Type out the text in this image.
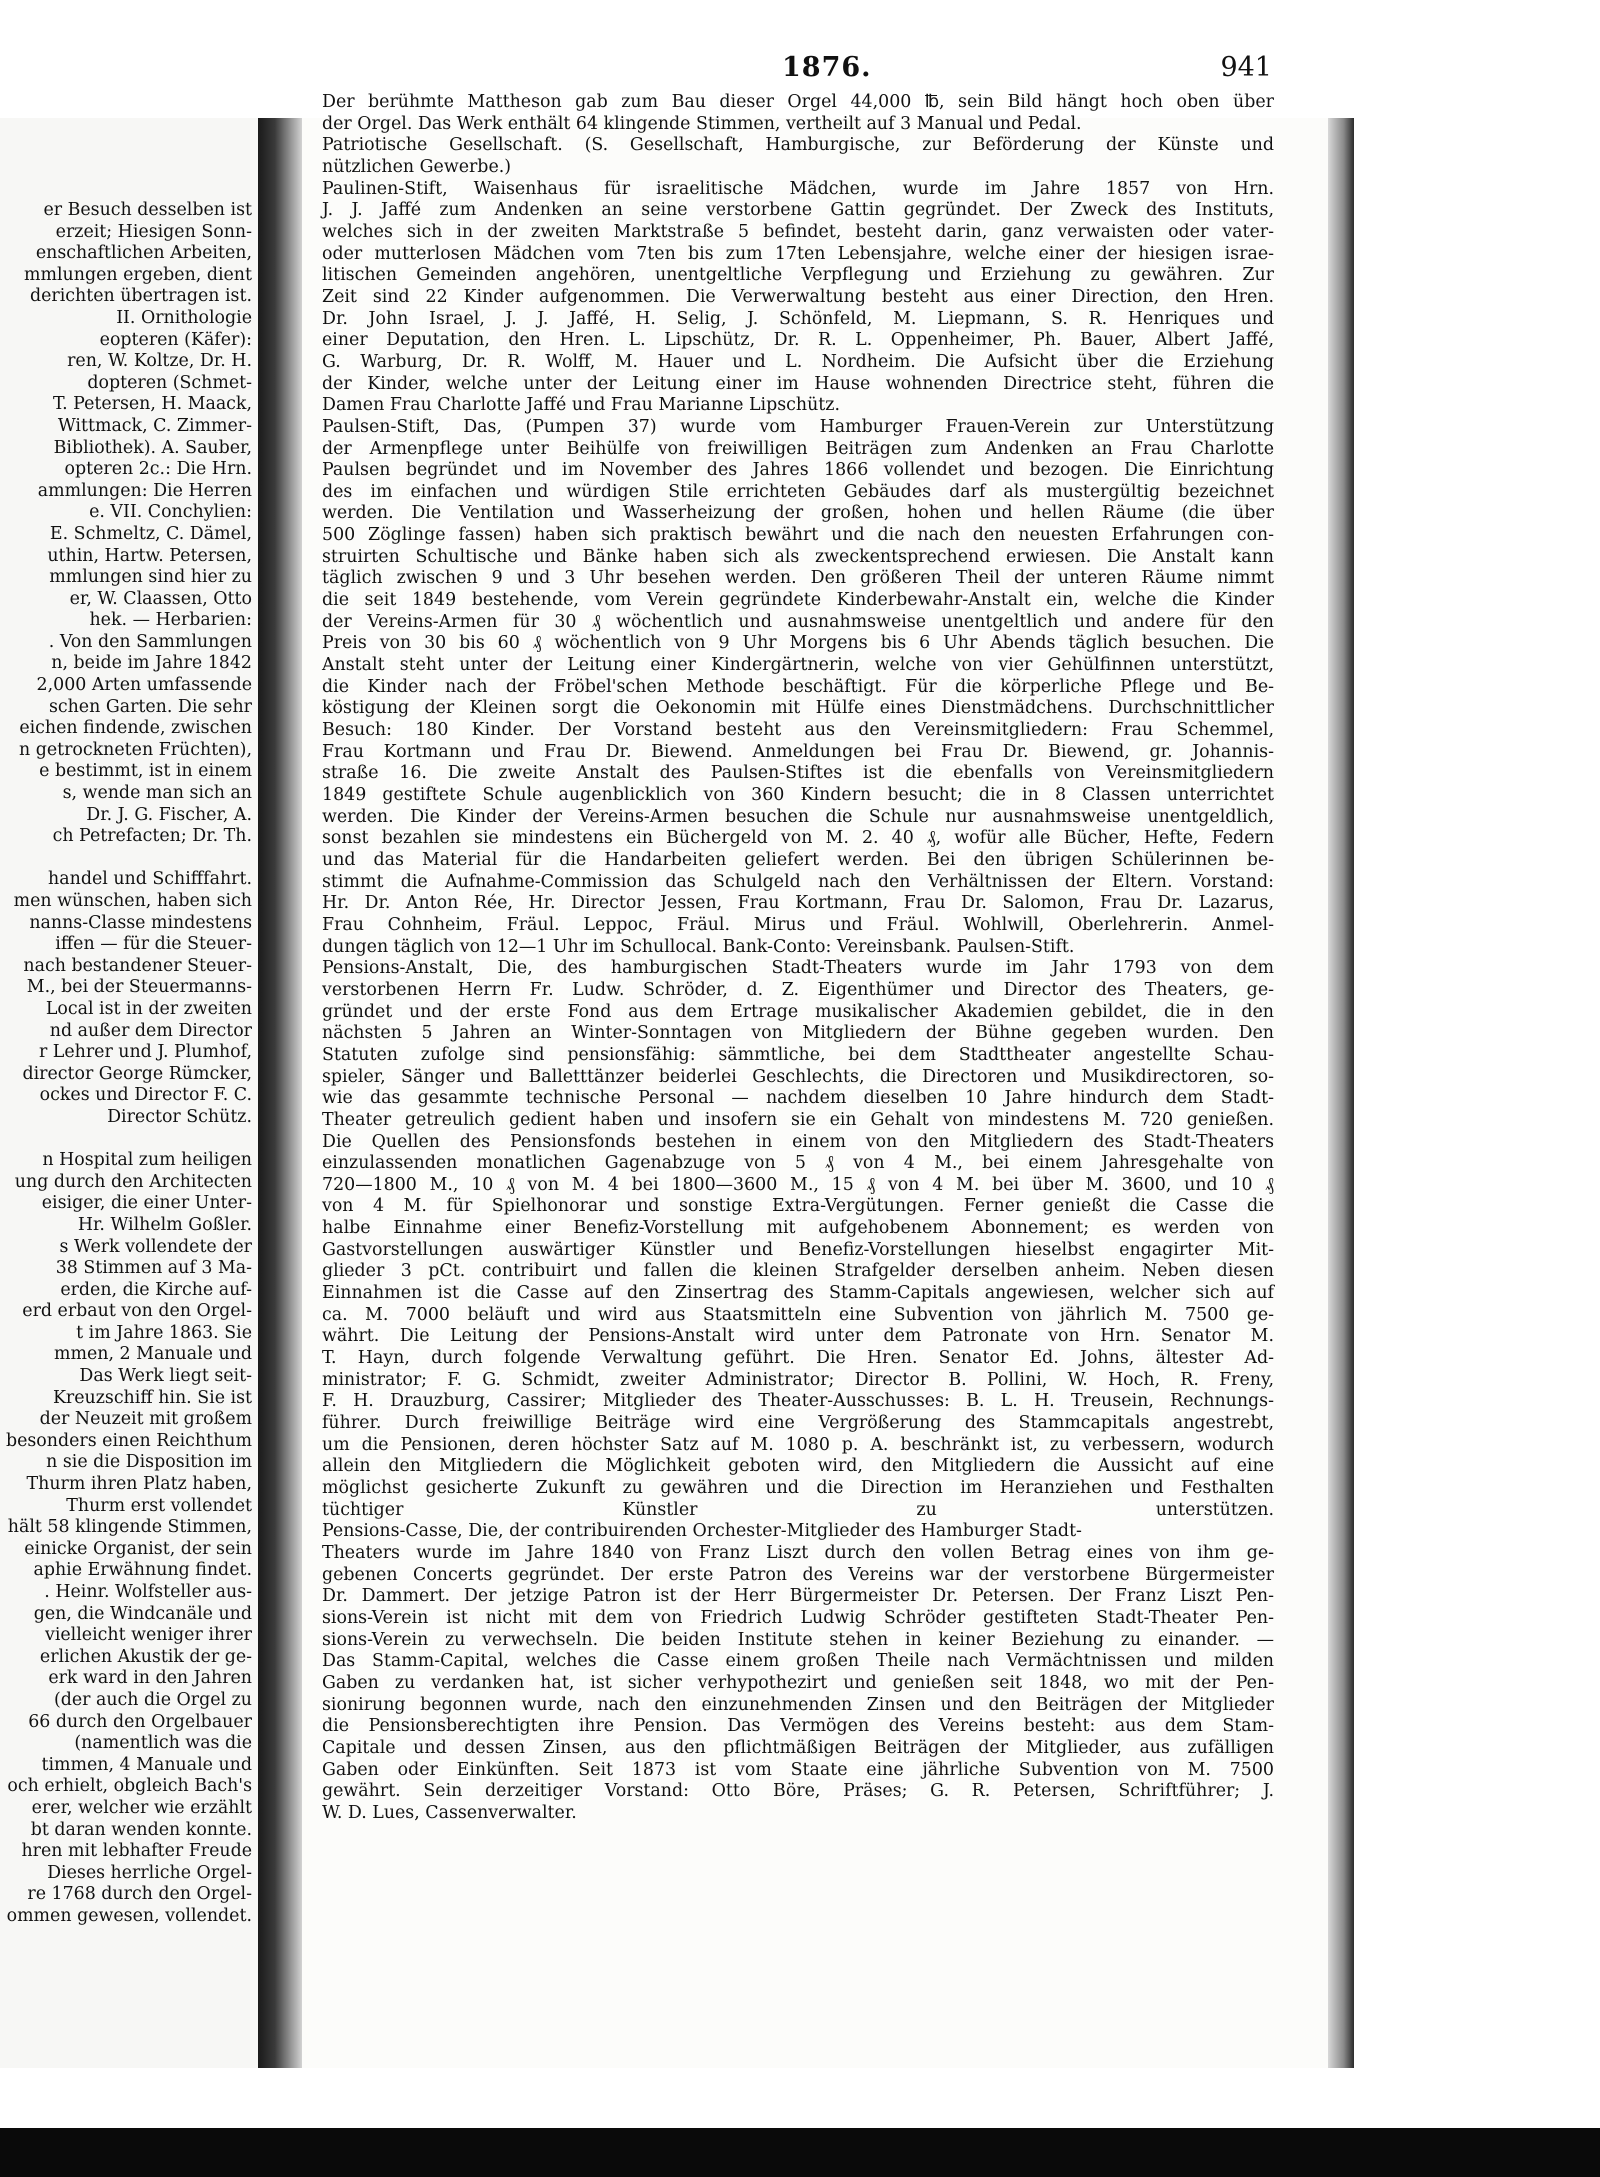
er Besuch desselben ist
erzeit; Hiesigen Sonn-
enschaftlichen Arbeiten,
mmlungen ergeben, dient
derichten übertragen ist.
II. Ornithologie
eopteren (Käfer):
ren, W. Koltze, Dr. H.
dopteren (Schmet-
T. Petersen, H. Maack,
Wittmack, C. Zimmer-
Bibliothek). A. Sauber,
opteren 2c.: Die Hrn.
ammlungen: Die Herren
e. VII. Conchylien:
E. Schmeltz, C. Dämel,
uthin, Hartw. Petersen,
mmlungen sind hier zu
er, W. Claassen, Otto
hek. — Herbarien:
. Von den Sammlungen
n, beide im Jahre 1842
2,000 Arten umfassende
schen Garten. Die sehr
eichen findende, zwischen
n getrockneten Früchten),
e bestimmt, ist in einem
s, wende man sich an
Dr. J. G. Fischer, A.
ch Petrefacten; Dr. Th.

handel und Schifffahrt.
men wünschen, haben sich
nanns-Classe mindestens
iffen — für die Steuer-
nach bestandener Steuer-
M., bei der Steuermanns-
Local ist in der zweiten
nd außer dem Director
r Lehrer und J. Plumhof,
director George Rümcker,
ockes und Director F. C.
Director Schütz.

n Hospital zum heiligen
ung durch den Architecten
eisiger, die einer Unter-
Hr. Wilhelm Goßler.
s Werk vollendete der
38 Stimmen auf 3 Ma-
erden, die Kirche auf-
erd erbaut von den Orgel-
t im Jahre 1863. Sie
mmen, 2 Manuale und
Das Werk liegt seit-
Kreuzschiff hin. Sie ist
der Neuzeit mit großem
besonders einen Reichthum
n sie die Disposition im
Thurm ihren Platz haben,
Thurm erst vollendet
hält 58 klingende Stimmen,
einicke Organist, der sein
aphie Erwähnung findet.
. Heinr. Wolfsteller aus-
gen, die Windcanäle und
vielleicht weniger ihrer
erlichen Akustik der ge-
erk ward in den Jahren
(der auch die Orgel zu
66 durch den Orgelbauer
(namentlich was die
timmen, 4 Manuale und
och erhielt, obgleich Bach's
erer, welcher wie erzählt
bt daran wenden konnte.
hren mit lebhafter Freude
Dieses herrliche Orgel-
re 1768 durch den Orgel-
ommen gewesen, vollendet.
1876.	941
Der berühmte Mattheson gab zum Bau dieser Orgel 44,000 ℔, sein Bild hängt hoch oben über
der Orgel. Das Werk enthält 64 klingende Stimmen, vertheilt auf 3 Manual und Pedal.
Patriotische Gesellschaft. (S. Gesellschaft, Hamburgische, zur Beförderung der Künste und
nützlichen Gewerbe.)
Paulinen-Stift, Waisenhaus für israelitische Mädchen, wurde im Jahre 1857 von Hrn.
J. J. Jaffé zum Andenken an seine verstorbene Gattin gegründet. Der Zweck des Instituts,
welches sich in der zweiten Marktstraße 5 befindet, besteht darin, ganz verwaisten oder vater-
oder mutterlosen Mädchen vom 7ten bis zum 17ten Lebensjahre, welche einer der hiesigen israe-
litischen Gemeinden angehören, unentgeltliche Verpflegung und Erziehung zu gewähren. Zur
Zeit sind 22 Kinder aufgenommen. Die Verwerwaltung besteht aus einer Direction, den Hren.
Dr. John Israel, J. J. Jaffé, H. Selig, J. Schönfeld, M. Liepmann, S. R. Henriques und
einer Deputation, den Hren. L. Lipschütz, Dr. R. L. Oppenheimer, Ph. Bauer, Albert Jaffé,
G. Warburg, Dr. R. Wolff, M. Hauer und L. Nordheim. Die Aufsicht über die Erziehung
der Kinder, welche unter der Leitung einer im Hause wohnenden Directrice steht, führen die
Damen Frau Charlotte Jaffé und Frau Marianne Lipschütz.
Paulsen-Stift, Das, (Pumpen 37) wurde vom Hamburger Frauen-Verein zur Unterstützung
der Armenpflege unter Beihülfe von freiwilligen Beiträgen zum Andenken an Frau Charlotte
Paulsen begründet und im November des Jahres 1866 vollendet und bezogen. Die Einrichtung
des im einfachen und würdigen Stile errichteten Gebäudes darf als mustergültig bezeichnet
werden. Die Ventilation und Wasserheizung der großen, hohen und hellen Räume (die über
500 Zöglinge fassen) haben sich praktisch bewährt und die nach den neuesten Erfahrungen con-
struirten Schultische und Bänke haben sich als zweckentsprechend erwiesen. Die Anstalt kann
täglich zwischen 9 und 3 Uhr besehen werden. Den größeren Theil der unteren Räume nimmt
die seit 1849 bestehende, vom Verein gegründete Kinderbewahr-Anstalt ein, welche die Kinder
der Vereins-Armen für 30 ₰ wöchentlich und ausnahmsweise unentgeltlich und andere für den
Preis von 30 bis 60 ₰ wöchentlich von 9 Uhr Morgens bis 6 Uhr Abends täglich besuchen. Die
Anstalt steht unter der Leitung einer Kindergärtnerin, welche von vier Gehülfinnen unterstützt,
die Kinder nach der Fröbel'schen Methode beschäftigt. Für die körperliche Pflege und Be-
köstigung der Kleinen sorgt die Oekonomin mit Hülfe eines Dienstmädchens. Durchschnittlicher
Besuch: 180 Kinder. Der Vorstand besteht aus den Vereinsmitgliedern: Frau Schemmel,
Frau Kortmann und Frau Dr. Biewend. Anmeldungen bei Frau Dr. Biewend, gr. Johannis-
straße 16. Die zweite Anstalt des Paulsen-Stiftes ist die ebenfalls von Vereinsmitgliedern
1849 gestiftete Schule augenblicklich von 360 Kindern besucht; die in 8 Classen unterrichtet
werden. Die Kinder der Vereins-Armen besuchen die Schule nur ausnahmsweise unentgeldlich,
sonst bezahlen sie mindestens ein Büchergeld von M. 2. 40 ₰, wofür alle Bücher, Hefte, Federn
und das Material für die Handarbeiten geliefert werden. Bei den übrigen Schülerinnen be-
stimmt die Aufnahme-Commission das Schulgeld nach den Verhältnissen der Eltern. Vorstand:
Hr. Dr. Anton Rée, Hr. Director Jessen, Frau Kortmann, Frau Dr. Salomon, Frau Dr. Lazarus,
Frau Cohnheim, Fräul. Leppoc, Fräul. Mirus und Fräul. Wohlwill, Oberlehrerin. Anmel-
dungen täglich von 12—1 Uhr im Schullocal. Bank-Conto: Vereinsbank. Paulsen-Stift.
Pensions-Anstalt, Die, des hamburgischen Stadt-Theaters wurde im Jahr 1793 von dem
verstorbenen Herrn Fr. Ludw. Schröder, d. Z. Eigenthümer und Director des Theaters, ge-
gründet und der erste Fond aus dem Ertrage musikalischer Akademien gebildet, die in den
nächsten 5 Jahren an Winter-Sonntagen von Mitgliedern der Bühne gegeben wurden. Den
Statuten zufolge sind pensionsfähig: sämmtliche, bei dem Stadttheater angestellte Schau-
spieler, Sänger und Balletttänzer beiderlei Geschlechts, die Directoren und Musikdirectoren, so-
wie das gesammte technische Personal — nachdem dieselben 10 Jahre hindurch dem Stadt-
Theater getreulich gedient haben und insofern sie ein Gehalt von mindestens M. 720 genießen.
Die Quellen des Pensionsfonds bestehen in einem von den Mitgliedern des Stadt-Theaters
einzulassenden monatlichen Gagenabzuge von 5 ₰ von 4 M., bei einem Jahresgehalte von
720—1800 M., 10 ₰ von M. 4 bei 1800—3600 M., 15 ₰ von 4 M. bei über M. 3600, und 10 ₰
von 4 M. für Spielhonorar und sonstige Extra-Vergütungen. Ferner genießt die Casse die
halbe Einnahme einer Benefiz-Vorstellung mit aufgehobenem Abonnement; es werden von
Gastvorstellungen auswärtiger Künstler und Benefiz-Vorstellungen hieselbst engagirter Mit-
glieder 3 pCt. contribuirt und fallen die kleinen Strafgelder derselben anheim. Neben diesen
Einnahmen ist die Casse auf den Zinsertrag des Stamm-Capitals angewiesen, welcher sich auf
ca. M. 7000 beläuft und wird aus Staatsmitteln eine Subvention von jährlich M. 7500 ge-
währt. Die Leitung der Pensions-Anstalt wird unter dem Patronate von Hrn. Senator M.
T. Hayn, durch folgende Verwaltung geführt. Die Hren. Senator Ed. Johns, ältester Ad-
ministrator; F. G. Schmidt, zweiter Administrator; Director B. Pollini, W. Hoch, R. Freny,
F. H. Drauzburg, Cassirer; Mitglieder des Theater-Ausschusses: B. L. H. Treusein, Rechnungs-
führer. Durch freiwillige Beiträge wird eine Vergrößerung des Stammcapitals angestrebt,
um die Pensionen, deren höchster Satz auf M. 1080 p. A. beschränkt ist, zu verbessern, wodurch
allein den Mitgliedern die Möglichkeit geboten wird, den Mitgliedern die Aussicht auf eine
möglichst gesicherte Zukunft zu gewähren und die Direction im Heranziehen und Festhalten
tüchtiger Künstler zu unterstützen.
Pensions-Casse, Die, der contribuirenden Orchester-Mitglieder des Hamburger Stadt-
Theaters wurde im Jahre 1840 von Franz Liszt durch den vollen Betrag eines von ihm ge-
gebenen Concerts gegründet. Der erste Patron des Vereins war der verstorbene Bürgermeister
Dr. Dammert. Der jetzige Patron ist der Herr Bürgermeister Dr. Petersen. Der Franz Liszt Pen-
sions-Verein ist nicht mit dem von Friedrich Ludwig Schröder gestifteten Stadt-Theater Pen-
sions-Verein zu verwechseln. Die beiden Institute stehen in keiner Beziehung zu einander. —
Das Stamm-Capital, welches die Casse einem großen Theile nach Vermächtnissen und milden
Gaben zu verdanken hat, ist sicher verhypothezirt und genießen seit 1848, wo mit der Pen-
sionirung begonnen wurde, nach den einzunehmenden Zinsen und den Beiträgen der Mitglieder
die Pensionsberechtigten ihre Pension. Das Vermögen des Vereins besteht: aus dem Stam-
Capitale und dessen Zinsen, aus den pflichtmäßigen Beiträgen der Mitglieder, aus zufälligen
Gaben oder Einkünften. Seit 1873 ist vom Staate eine jährliche Subvention von M. 7500
gewährt. Sein derzeitiger Vorstand: Otto Böre, Präses; G. R. Petersen, Schriftführer; J.
W. D. Lues, Cassenverwalter.
